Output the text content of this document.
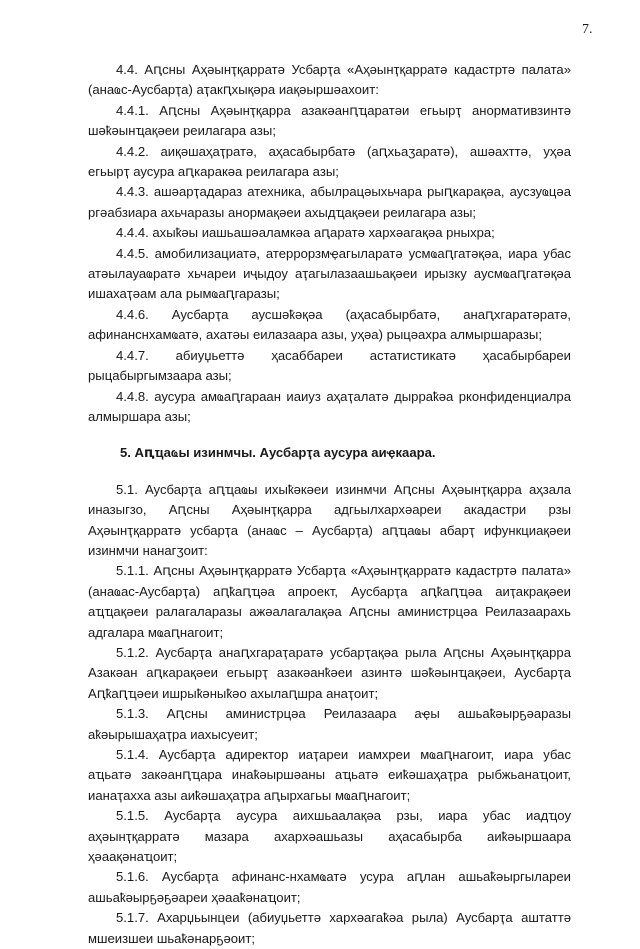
7.

4.4. Аԥсны Аҳәынҭқарратә Усбарҭа «Аҳәынҭқарратә кадастртә палата» (анаҩс-Аусбарҭа) аҭакԥхықәра иақәыршәахоит:

4.4.1. Аԥсны Аҳәынҭқарра азакәанԥҵаратәи егьырҭ анормативзинтә шәҟәынҵақәеи реилагара азы;

4.4.2. аиқәшаҳаҭратә, аҳасабырбатә (аԥхьаӡаратә), ашәахттә, уҳәа егьырҭ аусура аԥкаракәа реилагара азы;

4.4.3. ашәарҭадараз атехника, абылрацәыхьчара рыԥкарақәа, аусзуҩцәа ргәабзиара ахьчаразы анормақәеи ахыдҵақәеи реилагара азы;

4.4.4. ахыҟәы иашьашәаламкәа аԥаратә хархәагақәа рныхра;

4.4.5. амобилизациатә, атеррорзмҿагыларатә усмҩаԥгатәқәа, иара убас атәылауаҩратә хьчареи иҷыдоу аҭагылазаашьақәеи ирызку аусмҩаԥгатәқәа ишахаҭәам ала рымҩаԥгаразы;

4.4.6. Аусбарҭа аусшәҟәқәа (аҳасабырбатә, анаԥхгаратәратә, афинанснхамҩатә, ахатәы еилазаара азы, уҳәа) рыцәахра алмыршаразы;

4.4.7. абиуџьеттә ҳасаббареи астатистикатә ҳасабырбареи рыцабыргымзаара азы;

4.4.8. аусура амҩаԥгараан иаиуз аҳаҭалатә дырраҟәа рконфиденциалра алмыршара азы;

5. Аԥҵаҩы изинмчы. Аусбарҭа аусура аиҿкаара.

5.1. Аусбарҭа аԥҵаҩы ихыҟәкәеи изинмчи Аԥсны Аҳәынҭқарра аҳзала иназыгзо, Аԥсны Аҳәынҭқарра адгьылхархәареи акадастри рзы Аҳәынҭқарратә усбарҭа (анаҩс – Аусбарҭа) аԥҵаҩы абарҭ ифункциақәеи изинмчи нанагӡоит:

5.1.1. Аԥсны Аҳәынҭқарратә Усбарҭа «Аҳәынҭқарратә кадастртә палата» (анаҩас-Аусбарҭа) аԥҟаԥҵәа апроект, Аусбарҭа аԥҟаԥҵәа аиҭакрақәеи аҵҵақәеи ралагаларазы ажәалагалақәа Аԥсны аминистрцәа Реилазаарахь адгалара мҩаԥнагоит;

5.1.2. Аусбарҭа анаԥхгараҭаратә усбарҭақәа рыла Аԥсны Аҳәынҭқарра Азакәан аԥкарақәеи егьырҭ азакәанҟәеи азинтә шәҟәынҵақәеи, Аусбарҭа Аԥҟаԥҵәеи ишрыҟәныҟәо ахылаԥшра анаҭоит;

5.1.3. Аԥсны аминистрцәа Реилазаара аҿы ашьаҟәырҕәаразы аҟәырышаҳаҭра иахысуеит;

5.1.4. Аусбарҭа адиректор иаҭареи иамхреи мҩаԥнагоит, иара убас аҵьатә закәанԥҵара инаҟәыршәаны аҵьатә еиҟәшаҳаҭра рыбжьанаҵоит, ианаҭахха азы аиҟәшаҳаҭра аԥырхагьы мҩаԥнагоит;

5.1.5. Аусбарҭа аусура аихшьаалақәа рзы, иара убас иадҵоу аҳәынҭқарратә мазара ахархәашьазы аҳасабырба аиҟәыршаара ҳәаақәнаҵоит;

5.1.6. Аусбарҭа афинанс-нхамҩатә усура аԥлан ашьаҟәыргыларeи ашьаҟәырҕәҕәареи ҳәааҟәнаҵоит;

5.1.7. Ахарџьынцеи (абиуџьеттә хархәагаҟәа рыла) Аусбарҭа аштаттә мшеизшеи шьаҟәнарҕәоит;
